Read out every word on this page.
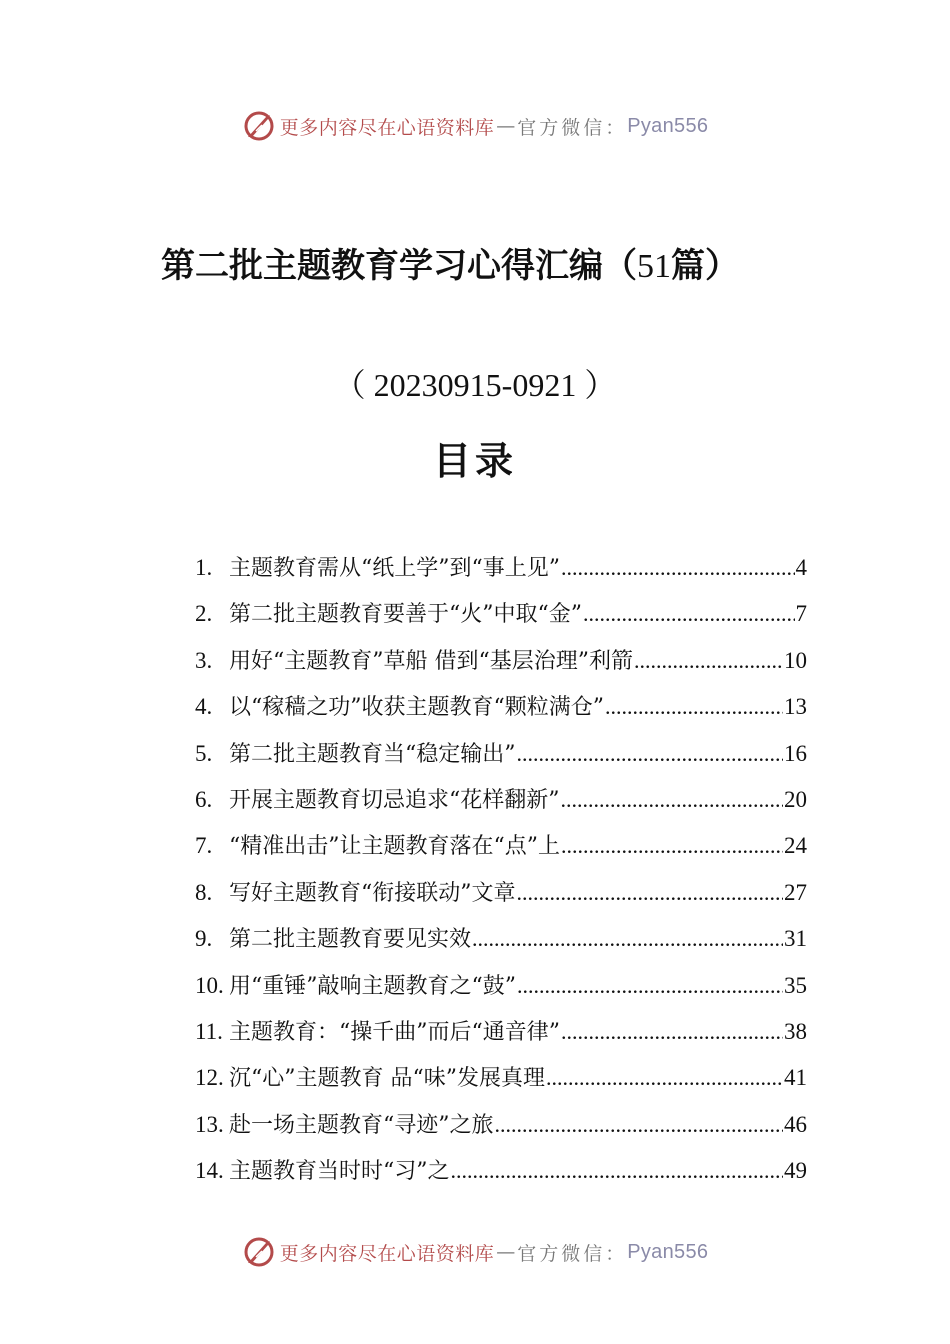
更多内容尽在心语资料库 — 官方微信： Pyan556
第二批主题教育学习心得汇编（51篇）
（ 20230915-0921 ）
目录
1. 主题教育需从“纸上学”到“事上见” .....	4
2. 第二批主题教育要善于“火”中取“金” .....	7
3. 用好“主题教育”草船 借到“基层治理”利箭 .....	10
4. 以“稼穑之功”收获主题教育“颗粒满仓” .....	13
5. 第二批主题教育当“稳定输出” .....	16
6. 开展主题教育切忌追求“花样翻新” .....	20
7. “精准出击”让主题教育落在“点”上 .....	24
8. 写好主题教育“衔接联动”文章 .....	27
9. 第二批主题教育要见实效 .....	31
10. 用“重锤”敲响主题教育之“鼓” .....	35
11. 主题教育：“操千曲”而后“通音律” .....	38
12. 沉“心”主题教育 品“味”发展真理 .....	41
13. 赴一场主题教育“寻迹”之旅 .....	46
14. 主题教育当时时“习”之 .....	49
更多内容尽在心语资料库 — 官方微信： Pyan556
